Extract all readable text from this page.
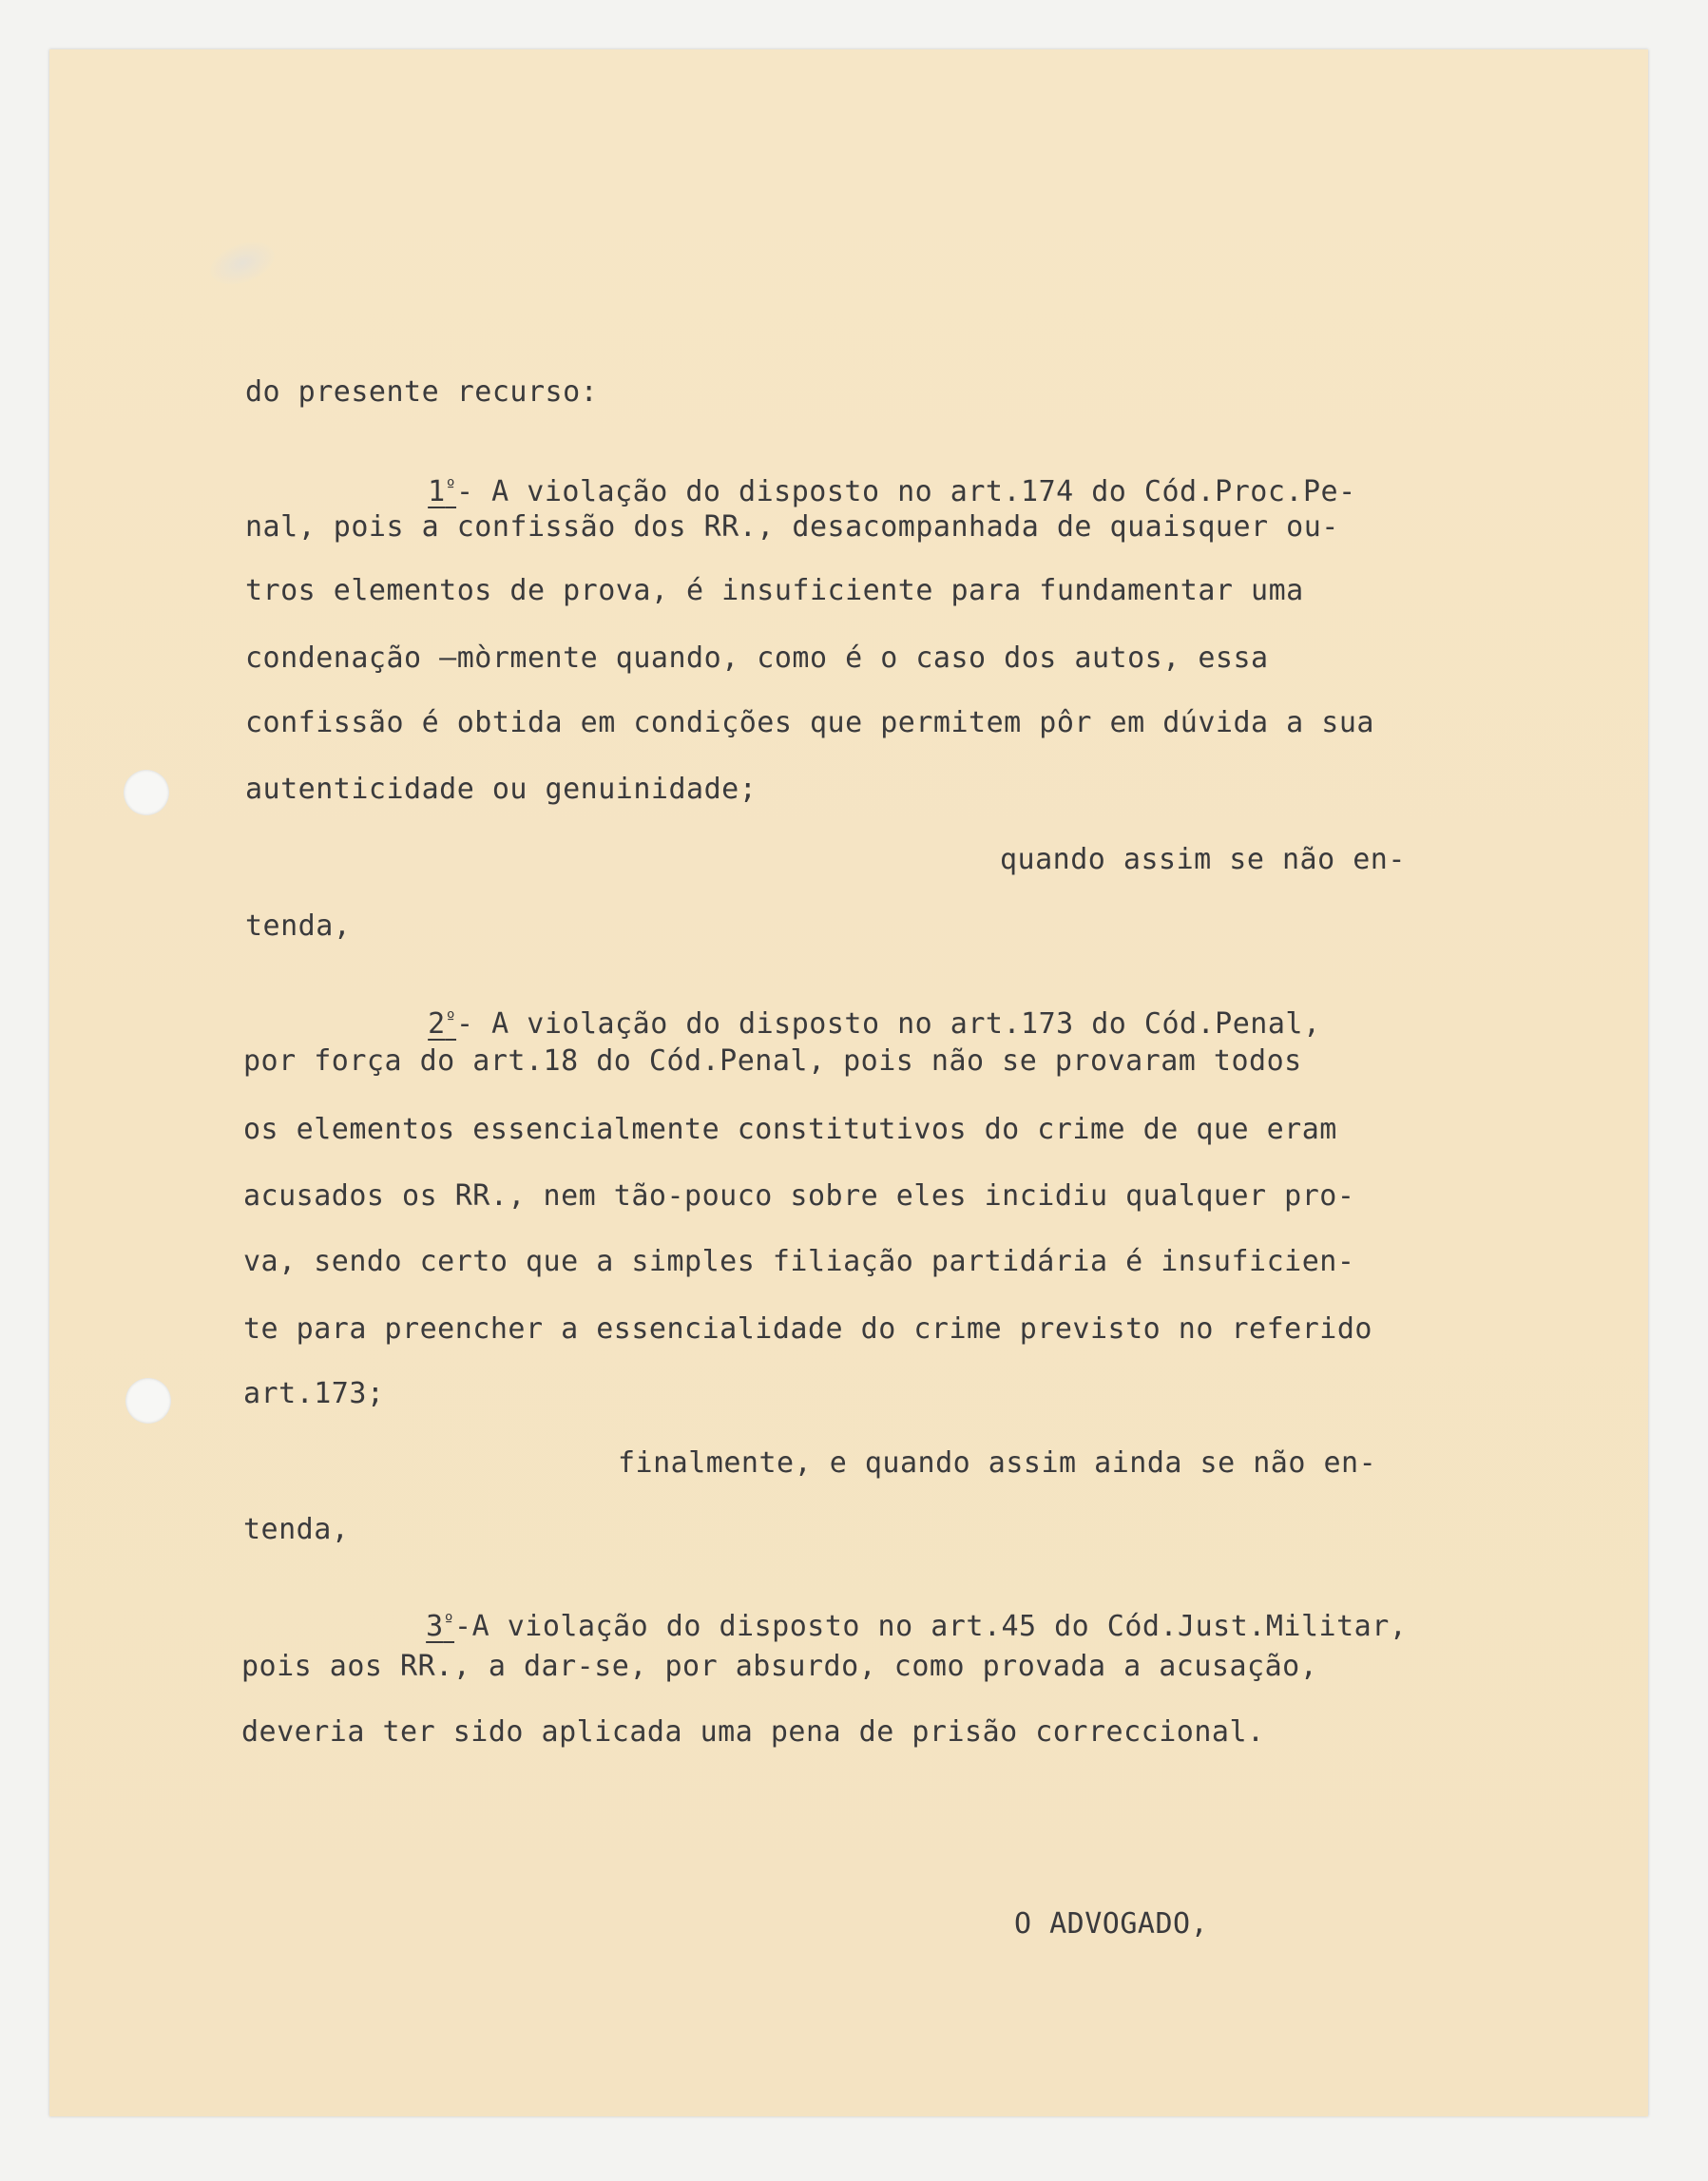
do presente recurso:

$1^º-$ A violação do disposto no art.174 do Cód.Proc.Pe-

nal, pois a confissão dos RR., desacompanhada de quaisquer ou-
tros elementos de prova, é insuficiente para fundamentar uma
condenação —mòrmente quando, como é o caso dos autos, essa
confissão é obtida em condições que permitem pôr em dúvida a sua
autenticidade ou genuinidade;
quando assim se não en-
tenda,

$2^º-$ A violação do disposto no art.173 do Cód.Penal,

por força do art.18 do Cód.Penal, pois não se provaram todos
os elementos essencialmente constitutivos do crime de que eram
acusados os RR., nem tão-pouco sobre eles incidiu qualquer pro-
va, sendo certo que a simples filiação partidária é insuficien-
te para preencher a essencialidade do crime previsto no referido
art.173;
finalmente, e quando assim ainda se não en-
tenda,

$3^º-A$ violação do disposto no art.45 do Cód.Just.Militar,

pois aos RR., a dar-se, por absurdo, como provada a acusação,
deveria ter sido aplicada uma pena de prisão correccional.
O ADVOGADO,
